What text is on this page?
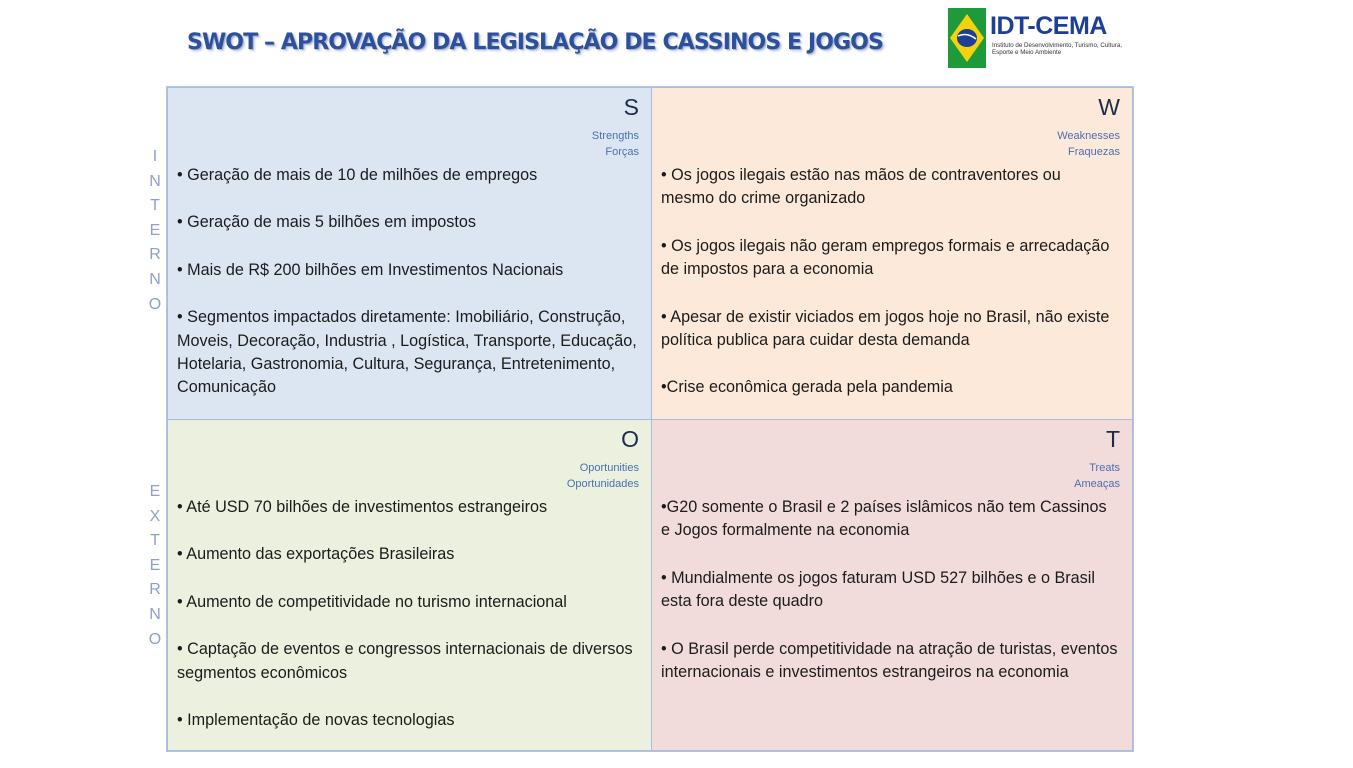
SWOT – APROVAÇÃO DA LEGISLAÇÃO DE CASSINOS E JOGOS
IDT-CEMA
Instituto de Desenvolvimento, Turismo, Cultura, Esporte e Meio Ambiente
I
N
T
E
R
N
O
E
X
T
E
R
N
O
S
Strengths
Forças
• Geração de mais de 10 de milhões de empregos
• Geração de mais 5 bilhões em impostos
• Mais de R$ 200 bilhões em Investimentos Nacionais
• Segmentos impactados diretamente: Imobiliário, Construção, Moveis, Decoração, Industria , Logística, Transporte, Educação, Hotelaria, Gastronomia, Cultura, Segurança, Entretenimento, Comunicação
W
Weaknesses
Fraquezas
• Os jogos ilegais estão nas mãos de contraventores ou mesmo do crime organizado
• Os jogos ilegais não geram empregos formais e arrecadação de impostos para a economia
• Apesar de existir viciados em jogos hoje no Brasil, não existe política publica para cuidar desta demanda
•Crise econômica gerada pela pandemia
O
Oportunities
Oportunidades
• Até USD 70 bilhões de investimentos estrangeiros
• Aumento das exportações Brasileiras
• Aumento de competitividade no turismo internacional
• Captação de eventos e congressos internacionais de diversos segmentos econômicos
• Implementação de novas tecnologias
T
Treats
Ameaças
•G20 somente o Brasil e 2 países islâmicos não tem Cassinos e Jogos formalmente na economia
• Mundialmente os jogos faturam USD 527 bilhões e o Brasil esta fora deste quadro
• O Brasil perde competitividade na atração de turistas, eventos internacionais e investimentos estrangeiros na economia
